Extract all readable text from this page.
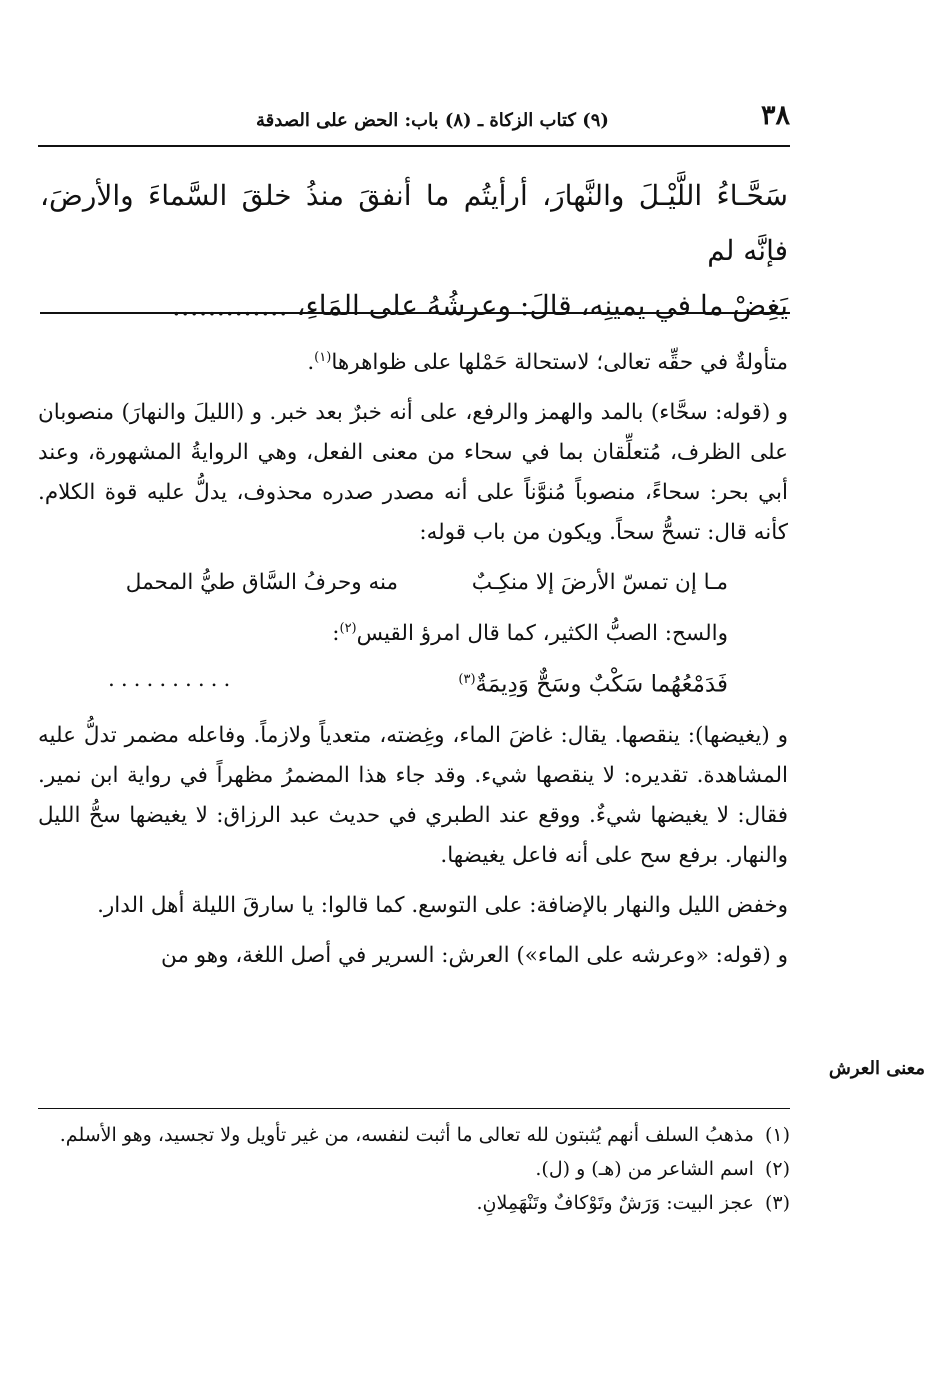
٣٨
(٩) كتاب الزكاة ـ (٨) باب: الحض على الصدقة

سَحَّـاءُ اللَّيْـلَ والنَّهارَ، أرأيتُم ما أنفقَ منذُ خلقَ السَّماءَ والأرضَ، فإنَّه لم

يَغِضْ ما في يمينِه، قالَ: وعرشُهُ على المَاءِ، .............

متأولةٌ في حقِّه تعالى؛ لاستحالة حَمْلها على ظواهرها$^{(١)}$.

و (قوله: سحَّاء) بالمد والهمز والرفع، على أنه خبرٌ بعد خبر. و (الليلَ والنهارَ) منصوبان على الظرف، مُتعلِّقان بما في سحاء من معنى الفعل، وهي الروايةُ المشهورة، وعند أبي بحر: سحاءً، منصوباً مُنوَّناً على أنه مصدر صدره محذوف، يدلُّ عليه قوة الكلام. كأنه قال: تسحُّ سحاً. ويكون من باب قوله:

مـا إن تمسّ الأرضَ إلا منكِـبٌ
منه وحرفُ السَّاق طيُّ المحمل

والسح: الصبُّ الكثير، كما قال امرؤ القيس$^{(٢)}$:

فَدَمْعُهُما سَكْبٌ وسَحٌّ وَدِيمَةٌ$^{(٣)}$
..........

و (يغيضها): ينقصها. يقال: غاضَ الماء، وغِضته، متعدياً ولازماً. وفاعله مضمر تدلُّ عليه المشاهدة. تقديره: لا ينقصها شيء. وقد جاء هذا المضمرُ مظهراً في رواية ابن نمير. فقال: لا يغيضها شيءٌ. ووقع عند الطبري في حديث عبد الرزاق: لا يغيضها سحُّ الليل والنهار. برفع سح على أنه فاعل يغيضها.

وخفض الليل والنهار بالإضافة: على التوسع. كما قالوا: يا سارقَ الليلة أهل الدار.

و (قوله: «وعرشه على الماء») العرش: السرير في أصل اللغة، وهو من

معنى العرش

(١) مذهبُ السلف أنهم يُثبتون لله تعالى ما أثبت لنفسه، من غير تأويل ولا تجسيد، وهو الأسلم.

(٢) اسم الشاعر من (هـ) و (ل).

(٣) عجز البيت: وَرَشٌ وتَوْكافٌ وتَنْهَمِلانِ.
